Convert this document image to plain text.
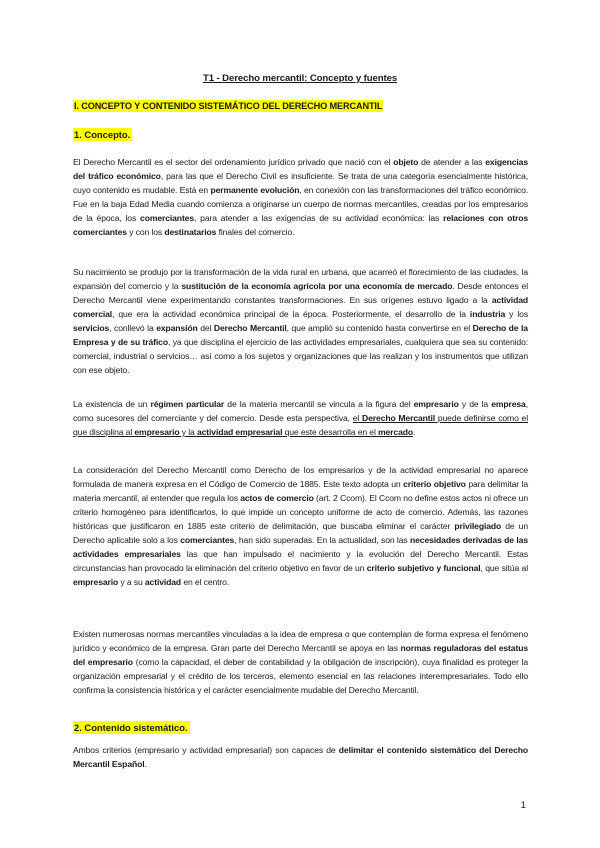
T1 - Derecho mercantil: Concepto y fuentes
I. CONCEPTO Y CONTENIDO SISTEMÁTICO DEL DERECHO MERCANTIL
1. Concepto.

El Derecho Mercantil es el sector del ordenamiento jurídico privado que nació con el objeto de atender a las exigencias del tráfico económico, para las que el Derecho Civil es insuficiente. Se trata de una categoría esencialmente histórica, cuyo contenido es mudable. Está en permanente evolución, en conexión con las transformaciones del tráfico económico. Fue en la baja Edad Media cuando comienza a originarse un cuerpo de normas mercantiles, creadas por los empresarios de la época, los comerciantes, para atender a las exigencias de su actividad económica: las relaciones con otros comerciantes y con los destinatarios finales del comercio.

Su nacimiento se produjo por la transformación de la vida rural en urbana, que acarreó el florecimiento de las ciudades, la expansión del comercio y la sustitución de la economía agrícola por una economía de mercado. Desde entonces el Derecho Mercantil viene experimentando constantes transformaciones. En sus orígenes estuvo ligado a la actividad comercial, que era la actividad económica principal de la época. Posteriormente, el desarrollo de la industria y los servicios, conllevó la expansión del Derecho Mercantil, que amplió su contenido hasta convertirse en el Derecho de la Empresa y de su tráfico, ya que disciplina el ejercicio de las actividades empresariales, cualquiera que sea su contenido: comercial, industrial o servicios… así como a los sujetos y organizaciones que las realizan y los instrumentos que utilizan con ese objeto.

La existencia de un régimen particular de la materia mercantil se vincula a la figura del empresario y de la empresa, como sucesores del comerciante y del comercio. Desde esta perspectiva, el Derecho Mercantil puede definirse como el que disciplina al empresario y la actividad empresarial que este desarrolla en el mercado.

La consideración del Derecho Mercantil como Derecho de los empresarios y de la actividad empresarial no aparece formulada de manera expresa en el Código de Comercio de 1885. Este texto adopta un criterio objetivo para delimitar la materia mercantil, al entender que regula los actos de comercio (art. 2 Ccom). El Ccom no define estos actos ni ofrece un criterio homogéneo para identificarlos, lo que impide un concepto uniforme de acto de comercio. Además, las razones históricas que justificaron en 1885 este criterio de delimitación, que buscaba eliminar el carácter privilegiado de un Derecho aplicable solo a los comerciantes, han sido superadas. En la actualidad, son las necesidades derivadas de las actividades empresariales las que han impulsado el nacimiento y la evolución del Derecho Mercantil. Estas circunstancias han provocado la eliminación del criterio objetivo en favor de un criterio subjetivo y funcional, que sitúa al empresario y a su actividad en el centro.

Existen numerosas normas mercantiles vinculadas a la idea de empresa o que contemplan de forma expresa el fenómeno jurídico y económico de la empresa. Gran parte del Derecho Mercantil se apoya en las normas reguladoras del estatus del empresario (como la capacidad, el deber de contabilidad y la obligación de inscripción), cuya finalidad es proteger la organización empresarial y el crédito de los terceros, elemento esencial en las relaciones interempresariales. Todo ello confirma la consistencia histórica y el carácter esencialmente mudable del Derecho Mercantil.

2. Contenido sistemático.

Ambos criterios (empresario y actividad empresarial) son capaces de delimitar el contenido sistemático del Derecho Mercantil Español.

1
